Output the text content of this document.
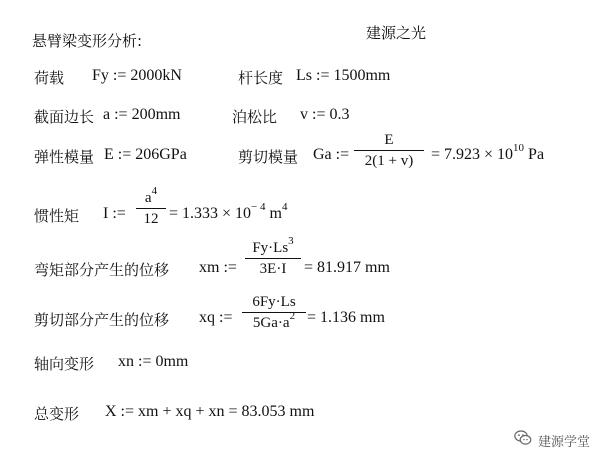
悬臂梁变形分析:	建源之光
荷载 Fy := 2000kN	杆长度 Ls := 1500mm
截面边长 a := 200mm	泊松比 v := 0.3
弹性模量 E := 206GPa	剪切模量 Ga :=
E
2(1 + v)	= $7.923 \times 10^{10}$ Pa
惯性矩 I :=
$a^4$
$12 = 1.333 \times 10^{- 4}$ $m^4$
弯矩部分产生的位移 xm :=
$Fy\cdot Ls^3$
3E·I	= 81.917 mm
剪切部分产生的位移 xq :=
6Fy·Ls
$5Ga\cdot a^2 = 1.136$ mm
轴向变形 xn := 0mm
总变形 X := xm + xq + xn = 83.053 mm
建源学堂
